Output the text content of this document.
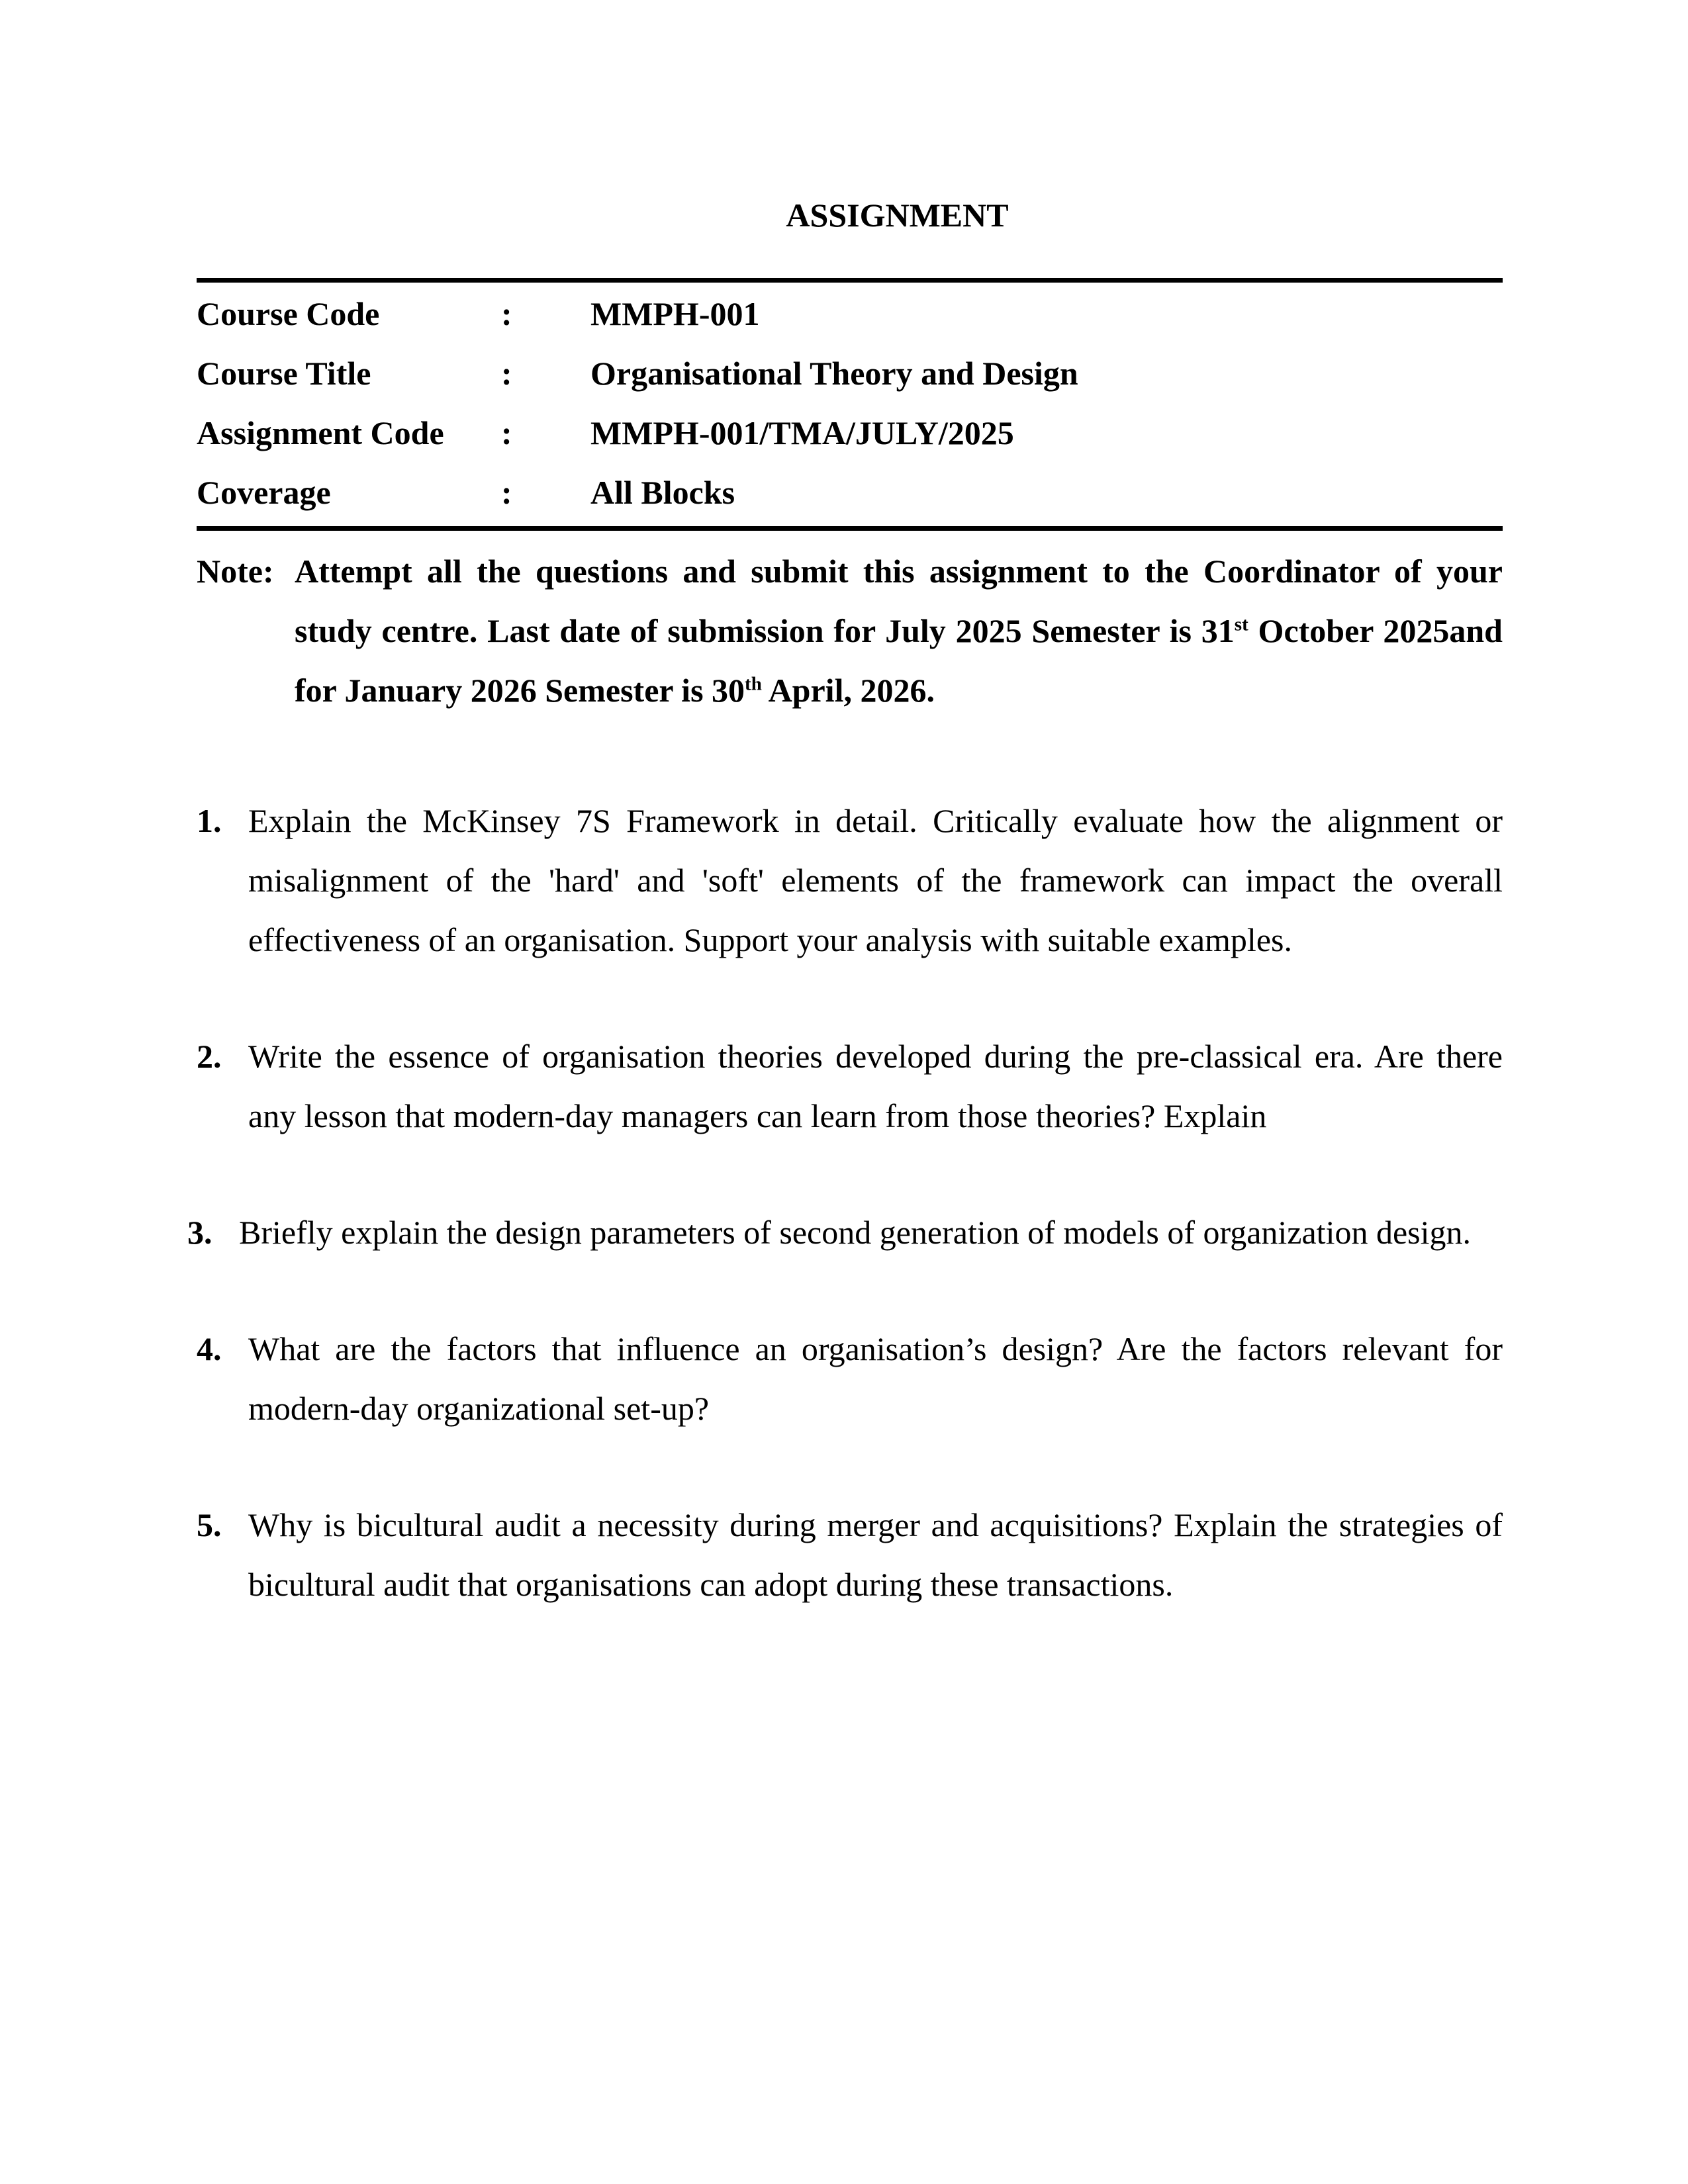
ASSIGNMENT
Course Code	:	MMPH-001
Course Title	:	Organisational Theory and Design
Assignment Code	:	MMPH-001/TMA/JULY/2025
Coverage	:	All Blocks

Note: Attempt all the questions and submit this assignment to the Coordinator of your study centre. Last date of submission for July 2025 Semester is 31st October 2025and for January 2026 Semester is 30th April, 2026.

1. Explain the McKinsey 7S Framework in detail. Critically evaluate how the alignment or misalignment of the 'hard' and 'soft' elements of the framework can impact the overall effectiveness of an organisation. Support your analysis with suitable examples.
2. Write the essence of organisation theories developed during the pre-classical era. Are there any lesson that modern-day managers can learn from those theories? Explain
3. Briefly explain the design parameters of second generation of models of organization design.
4. What are the factors that influence an organisation’s design? Are the factors relevant for modern-day organizational set-up?
5. Why is bicultural audit a necessity during merger and acquisitions? Explain the strategies of bicultural audit that organisations can adopt during these transactions.
